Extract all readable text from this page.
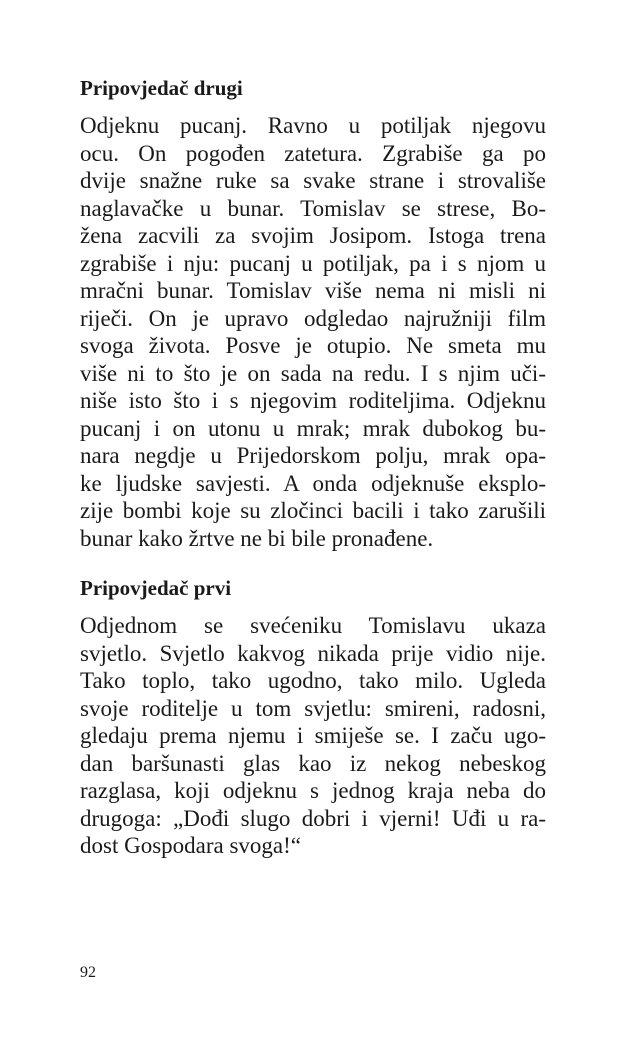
Pripovjedač drugi

Odjeknu pucanj. Ravno u potiljak njegovu
ocu. On pogođen zatetura. Zgrabiše ga po
dvije snažne ruke sa svake strane i strovališe
naglavačke u bunar. Tomislav se strese, Bo-
žena zacvili za svojim Josipom. Istoga trena
zgrabiše i nju: pucanj u potiljak, pa i s njom u
mračni bunar. Tomislav više nema ni misli ni
riječi. On je upravo odgledao najružniji film
svoga života. Posve je otupio. Ne smeta mu
više ni to što je on sada na redu. I s njim uči-
niše isto što i s njegovim roditeljima. Odjeknu
pucanj i on utonu u mrak; mrak dubokog bu-
nara negdje u Prijedorskom polju, mrak opa-
ke ljudske savjesti. A onda odjeknuše eksplo-
zije bombi koje su zločinci bacili i tako zarušili
bunar kako žrtve ne bi bile pronađene.

Pripovjedač prvi

Odjednom se svećeniku Tomislavu ukaza
svjetlo. Svjetlo kakvog nikada prije vidio nije.
Tako toplo, tako ugodno, tako milo. Ugleda
svoje roditelje u tom svjetlu: smireni, radosni,
gledaju prema njemu i smiješe se. I začu ugo-
dan baršunasti glas kao iz nekog nebeskog
razglasa, koji odjeknu s jednog kraja neba do
drugoga: „Dođi slugo dobri i vjerni! Uđi u ra-
dost Gospodara svoga!“

92
